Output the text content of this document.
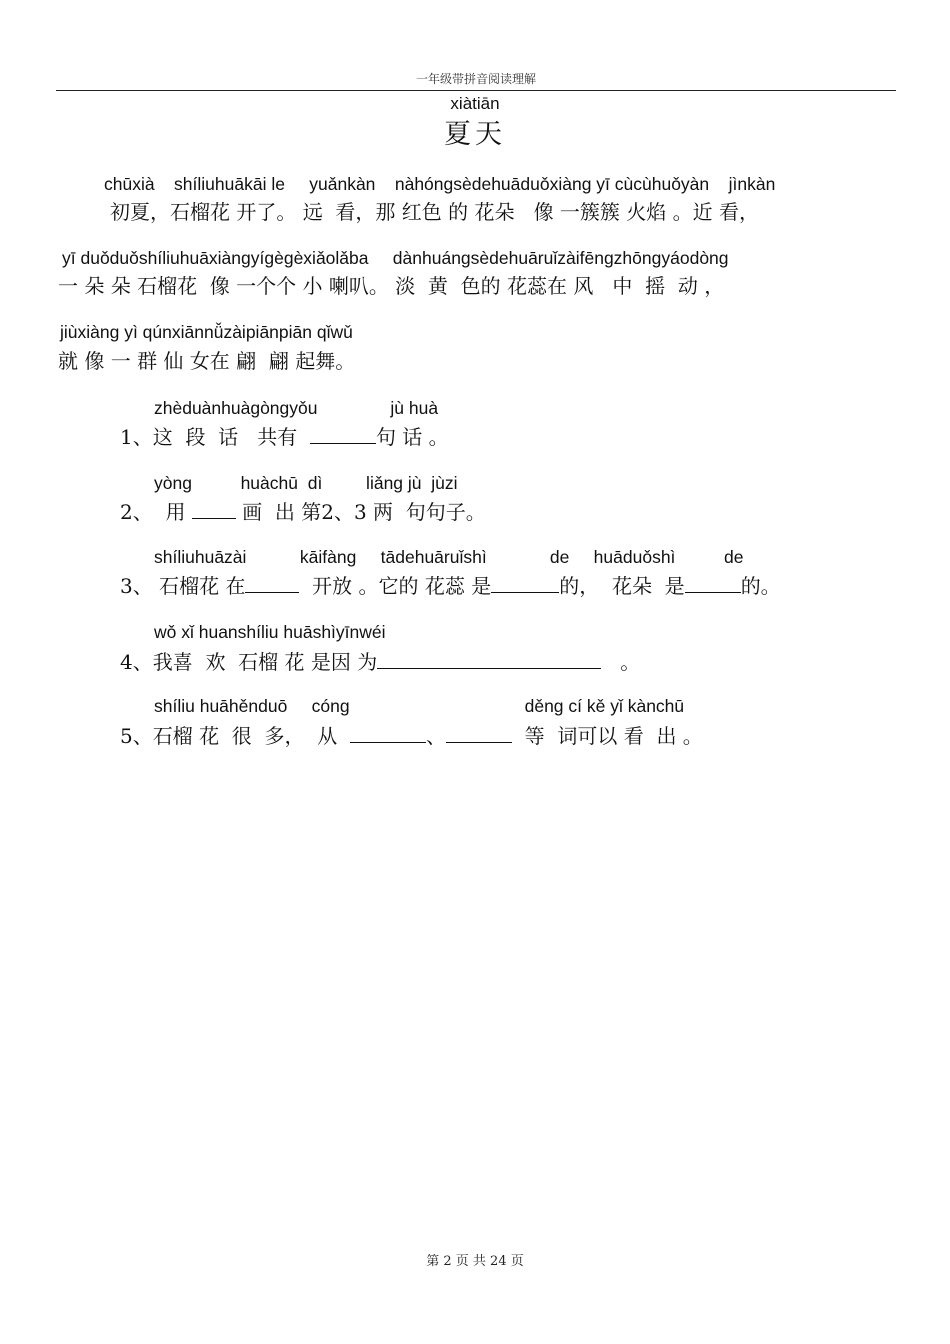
一年级带拼音阅读理解
xiàtiān
夏天
chūxià    shíliuhuākāi le     yuǎnkàn    nàhóngsèdehuāduǒxiàng yī cùcùhuǒyàn    jìnkàn
初夏，石榴花 开了。 远  看，那 红色 的 花朵   像 一簇簇 火焰 。近 看，
yī duǒduǒshíliuhuāxiàngyígègèxiǎolǎba     dànhuángsèdehuāruǐzàifēngzhōngyáodòng
一 朵 朵 石榴花  像 一个个 小 喇叭。 淡  黄  色的 花蕊在 风   中  摇  动 ，
jiùxiàng yì qúnxiānnǚzàipiānpiān qǐwǔ
就 像 一 群 仙 女在 翩  翩 起舞。
zhèduànhuàgòngyǒu               jù huà
1、这  段  话   共有	句 话 。
yòng          huàchū  dì         liǎng jù  jùzi
2、  用  画  出 第2、3 两  句句子。
shíliuhuāzài           kāifàng     tādehuāruǐshì             de     huāduǒshì          de
3、 石榴花 在	开放 。它的 花蕊 是	的，  花朵  是	的。
wǒ xǐ huanshíliu huāshìyīnwéi
4、我喜  欢  石榴 花 是因 为	。
shíliu huāhěnduō     cóng                                    děng cí kě yǐ kànchū
5、石榴 花  很  多，  从	、	等  词可以 看  出 。
第 2 页 共 24 页
